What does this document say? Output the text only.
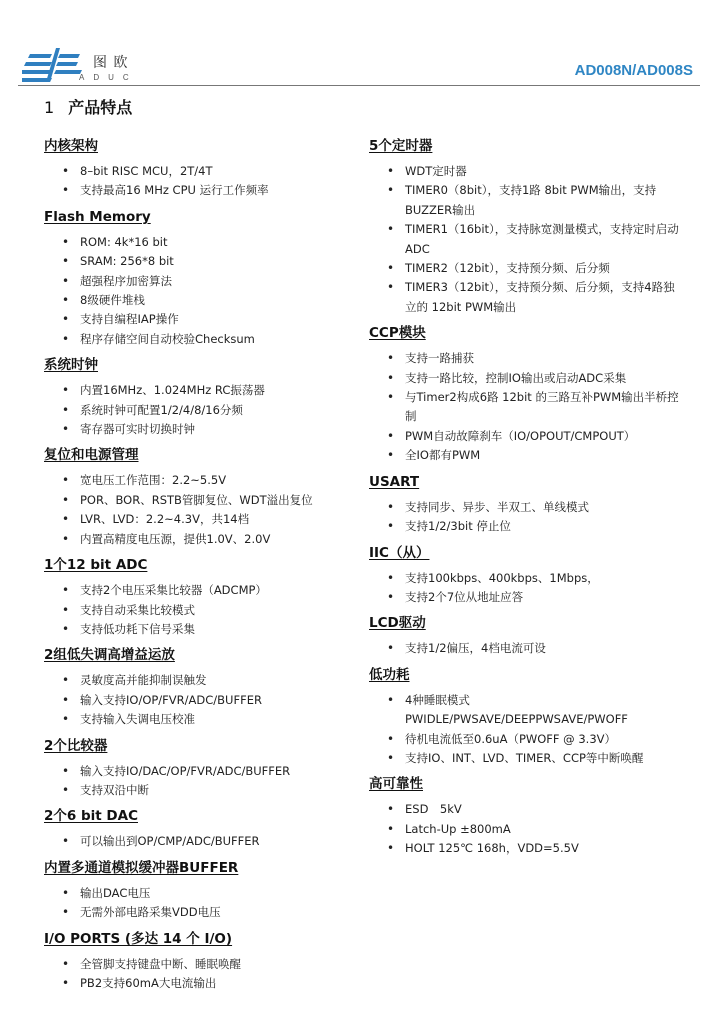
图 欧
ADUC	AD008N/AD008S
1 产品特点
内核架构
• 8–bit RISC MCU，2T/4T
• 支持最高16 MHz CPU 运行工作频率
Flash Memory
• ROM: 4k*16 bit
• SRAM: 256*8 bit
• 超强程序加密算法
• 8级硬件堆栈
• 支持自编程IAP操作
• 程序存储空间自动校验Checksum
系统时钟
• 内置16MHz、1.024MHz RC振荡器
• 系统时钟可配置1/2/4/8/16分频
• 寄存器可实时切换时钟
复位和电源管理
• 宽电压工作范围：2.2~5.5V
• POR、BOR、RSTB管脚复位、WDT溢出复位
• LVR、LVD：2.2~4.3V，共14档
• 内置高精度电压源，提供1.0V、2.0V
1个12 bit ADC
• 支持2个电压采集比较器（ADCMP）
• 支持自动采集比较模式
• 支持低功耗下信号采集
2组低失调高增益运放
• 灵敏度高并能抑制误触发
• 输入支持IO/OP/FVR/ADC/BUFFER
• 支持输入失调电压校准
2个比较器
• 输入支持IO/DAC/OP/FVR/ADC/BUFFER
• 支持双沿中断
2个6 bit DAC
• 可以输出到OP/CMP/ADC/BUFFER
内置多通道模拟缓冲器BUFFER
• 输出DAC电压
• 无需外部电路采集VDD电压
I/O PORTS (多达 14 个 I/O)
• 全管脚支持键盘中断、睡眠唤醒
• PB2支持60mA大电流输出
5个定时器
• WDT定时器
• TIMER0（8bit），支持1路 8bit PWM输出，支持BUZZER输出
• TIMER1（16bit），支持脉宽测量模式，支持定时启动ADC
• TIMER2（12bit），支持预分频、后分频
• TIMER3（12bit），支持预分频、后分频，支持4路独立的 12bit PWM输出
CCP模块
• 支持一路捕获
• 支持一路比较，控制IO输出或启动ADC采集
• 与Timer2构成6路 12bit 的三路互补PWM输出半桥控制
• PWM自动故障刹车（IO/OPOUT/CMPOUT）
• 全IO都有PWM
USART
• 支持同步、异步、半双工、单线模式
• 支持1/2/3bit 停止位
IIC（从）
• 支持100kbps、400kbps、1Mbps，
• 支持2个7位从地址应答
LCD驱动
• 支持1/2偏压，4档电流可设
低功耗
• 4种睡眠模式 PWIDLE/PWSAVE/DEEPPWSAVE/PWOFF
• 待机电流低至0.6uA（PWOFF @ 3.3V）
• 支持IO、INT、LVD、TIMER、CCP等中断唤醒
高可靠性
• ESD　5kV
• Latch-Up ±800mA
• HOLT 125℃ 168h，VDD=5.5V
